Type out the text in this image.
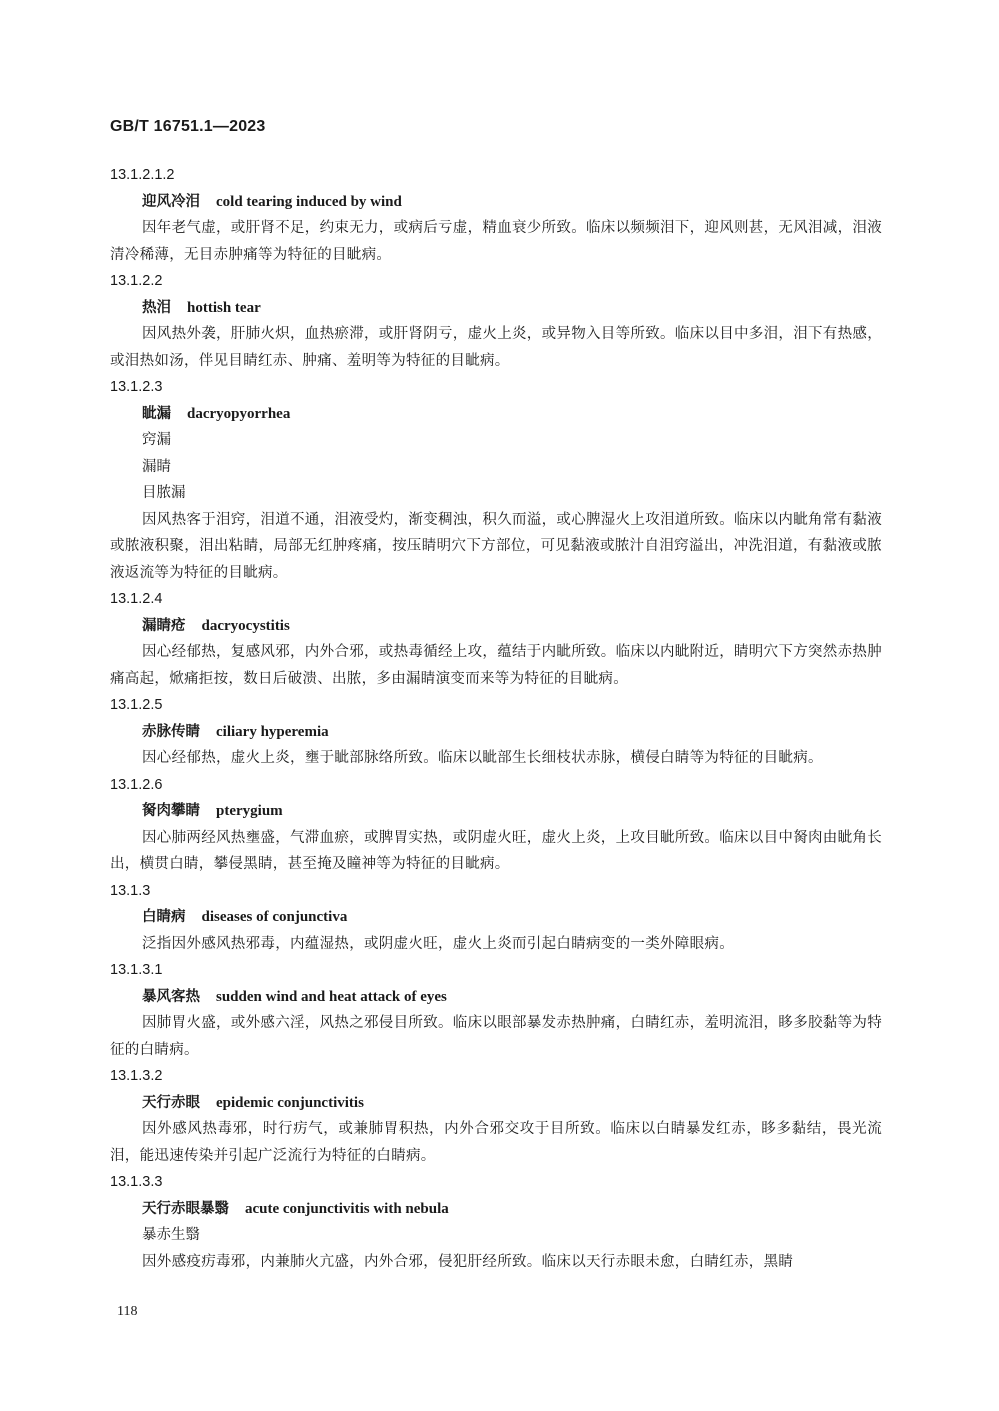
GB/T 16751.1—2023
13.1.2.1.2
迎风冷泪 cold tearing induced by wind
因年老气虚，或肝肾不足，约束无力，或病后亏虚，精血衰少所致。临床以频频泪下，迎风则甚，无风泪减，泪液清冷稀薄，无目赤肿痛等为特征的目眦病。
13.1.2.2
热泪 hottish tear
因风热外袭，肝肺火炽，血热瘀滞，或肝肾阴亏，虚火上炎，或异物入目等所致。临床以目中多泪，泪下有热感，或泪热如汤，伴见目睛红赤、肿痛、羞明等为特征的目眦病。
13.1.2.3
眦漏 dacryopyorrhea
窍漏
漏睛
目脓漏
因风热客于泪窍，泪道不通，泪液受灼，渐变稠浊，积久而溢，或心脾湿火上攻泪道所致。临床以内眦角常有黏液或脓液积聚，泪出粘睛，局部无红肿疼痛，按压睛明穴下方部位，可见黏液或脓汁自泪窍溢出，冲洗泪道，有黏液或脓液返流等为特征的目眦病。
13.1.2.4
漏睛疮 dacryocystitis
因心经郁热，复感风邪，内外合邪，或热毒循经上攻，蕴结于内眦所致。临床以内眦附近，睛明穴下方突然赤热肿痛高起，焮痛拒按，数日后破溃、出脓，多由漏睛演变而来等为特征的目眦病。
13.1.2.5
赤脉传睛 ciliary hyperemia
因心经郁热，虚火上炎，壅于眦部脉络所致。临床以眦部生长细枝状赤脉，横侵白睛等为特征的目眦病。
13.1.2.6
胬肉攀睛 pterygium
因心肺两经风热壅盛，气滞血瘀，或脾胃实热，或阴虚火旺，虚火上炎，上攻目眦所致。临床以目中胬肉由眦角长出，横贯白睛，攀侵黑睛，甚至掩及瞳神等为特征的目眦病。
13.1.3
白睛病 diseases of conjunctiva
泛指因外感风热邪毒，内蕴湿热，或阴虚火旺，虚火上炎而引起白睛病变的一类外障眼病。
13.1.3.1
暴风客热 sudden wind and heat attack of eyes
因肺胃火盛，或外感六淫，风热之邪侵目所致。临床以眼部暴发赤热肿痛，白睛红赤，羞明流泪，眵多胶黏等为特征的白睛病。
13.1.3.2
天行赤眼 epidemic conjunctivitis
因外感风热毒邪，时行疠气，或兼肺胃积热，内外合邪交攻于目所致。临床以白睛暴发红赤，眵多黏结，畏光流泪，能迅速传染并引起广泛流行为特征的白睛病。
13.1.3.3
天行赤眼暴翳 acute conjunctivitis with nebula
暴赤生翳
因外感疫疠毒邪，内兼肺火亢盛，内外合邪，侵犯肝经所致。临床以天行赤眼未愈，白睛红赤，黑睛
118
